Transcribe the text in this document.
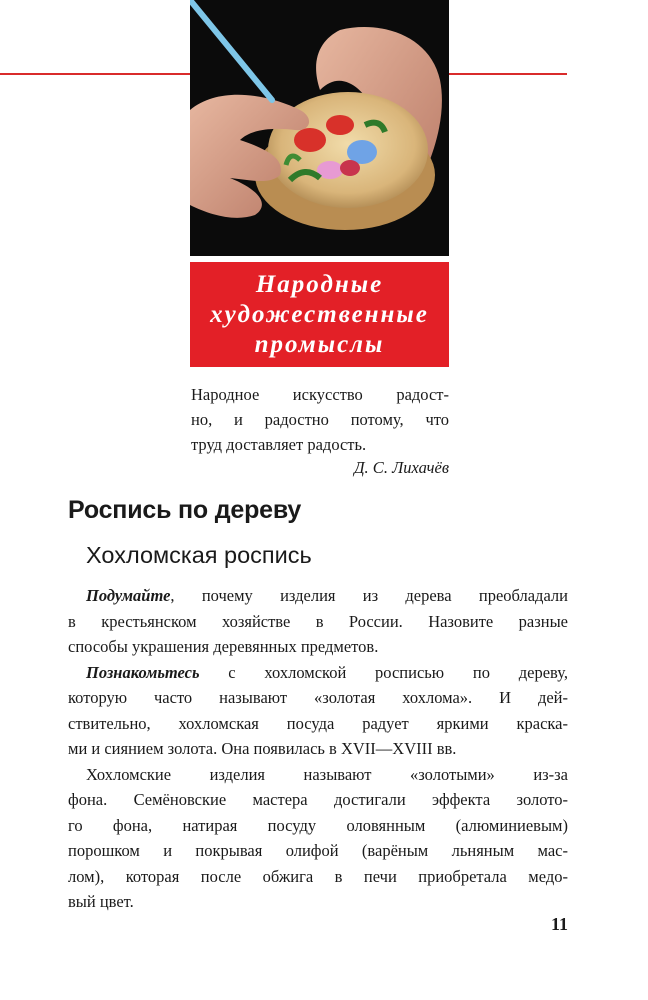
Народные
художественные
промыслы
Народное искусство радост-
но, и радостно потому, что
труд доставляет радость.
Д. С. Лихачёв
Роспись по дереву
Хохломская роспись
Подумайте, почему изделия из дерева преобладали
в крестьянском хозяйстве в России. Назовите разные
способы украшения деревянных предметов.
Познакомьтесь с хохломской росписью по дереву,
которую часто называют «золотая хохлома». И дей-
ствительно, хохломская посуда радует яркими краска-
ми и сиянием золота. Она появилась в XVII—XVIII вв.
Хохломские изделия называют «золотыми» из-за
фона. Семёновские мастера достигали эффекта золото-
го фона, натирая посуду оловянным (алюминиевым)
порошком и покрывая олифой (варёным льняным мас-
лом), которая после обжига в печи приобретала медо-
вый цвет.
11
